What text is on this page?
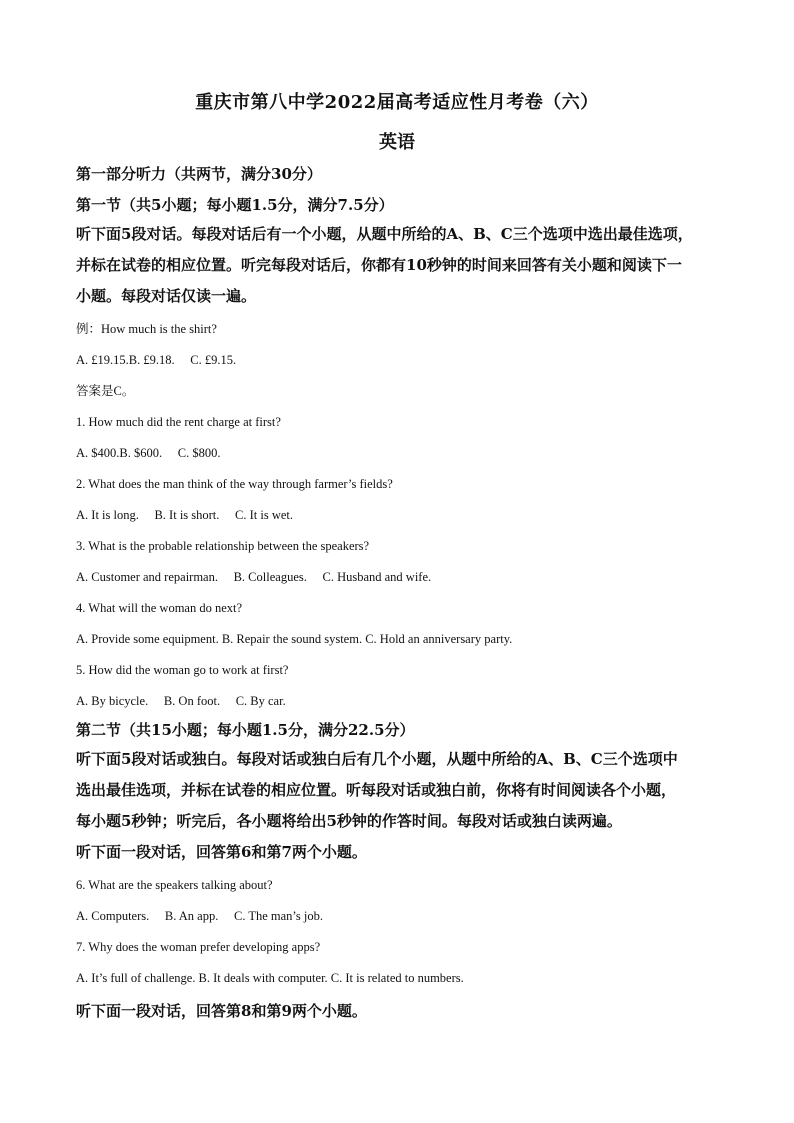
重庆市第八中学2022届高考适应性月考卷（六）
英语

第一部分听力（共两节，满分30分）

第一节（共5小题；每小题1.5分，满分7.5分）

听下面5段对话。每段对话后有一个小题，从题中所给的A、B、C三个选项中选出最佳选项，

并标在试卷的相应位置。听完每段对话后，你都有10秒钟的时间来回答有关小题和阅读下一

小题。每段对话仅读一遍。

例：How much is the shirt?

A. £19.15.B. £9.18.　 C. £9.15.

答案是C。

1. How much did the rent charge at first?

A. $400.B. $600.　 C. $800.

2. What does the man think of the way through farmer’s fields?

A. It is long.　 B. It is short.　 C. It is wet.

3. What is the probable relationship between the speakers?

A. Customer and repairman.　 B. Colleagues.　 C. Husband and wife.

4. What will the woman do next?

A. Provide some equipment. B. Repair the sound system. C. Hold an anniversary party.

5. How did the woman go to work at first?

A. By bicycle.　 B. On foot.　 C. By car.

第二节（共15小题；每小题1.5分，满分22.5分）

听下面5段对话或独白。每段对话或独白后有几个小题，从题中所给的A、B、C三个选项中

选出最佳选项，并标在试卷的相应位置。听每段对话或独白前，你将有时间阅读各个小题，

每小题5秒钟；听完后，各小题将给出5秒钟的作答时间。每段对话或独白读两遍。

听下面一段对话，回答第6和第7两个小题。

6. What are the speakers talking about?

A. Computers.　 B. An app.　 C. The man’s job.

7. Why does the woman prefer developing apps?

A. It’s full of challenge. B. It deals with computer. C. It is related to numbers.

听下面一段对话，回答第8和第9两个小题。
